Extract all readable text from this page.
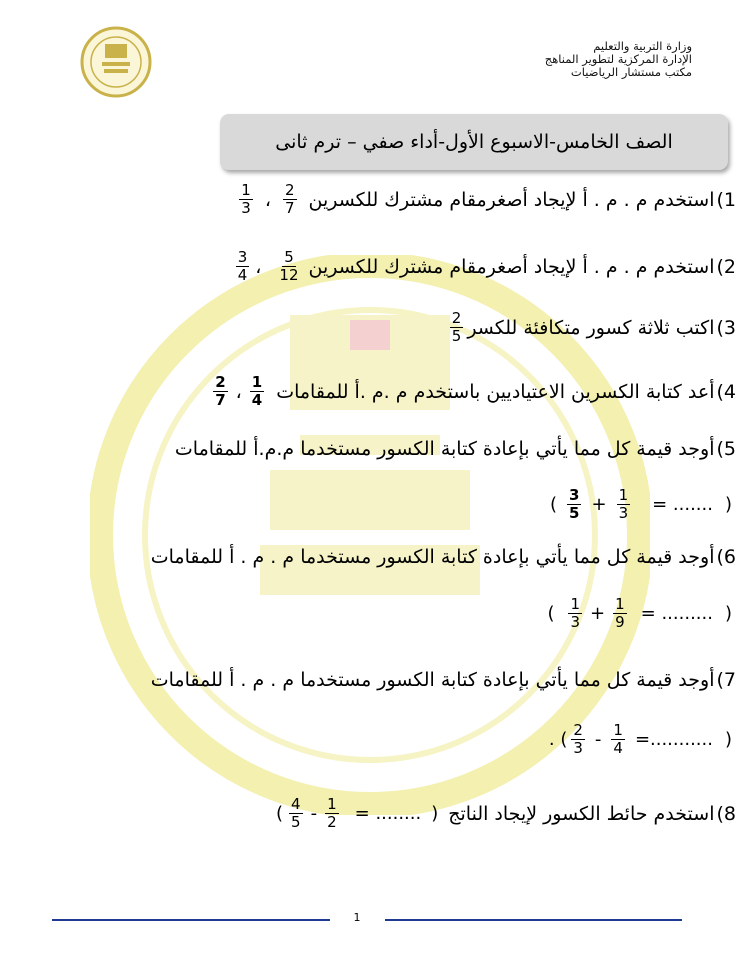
وزارة التربية والتعليم
الإدارة المركزية لتطوير المناهج
مكتب مستشار الرياضيات
الصف الخامس-الاسبوع الأول-أداء صفي – ترم ثانى
1)
استخدم م . م . أ لإيجاد أصغرمقام مشترك للكسرين
$\frac{2}{7}$
،
$\frac{1}{3}$
2)
استخدم م . م . أ لإيجاد أصغرمقام مشترك للكسرين
$\frac{5}{12}$
،
$\frac{3}{4}$
3)
اكتب ثلاثة كسور متكافئة للكسر
$\frac{2}{5}$
4)
أعد كتابة الكسرين الاعتياديين باستخدم م .م .أ للمقامات
$\frac{1}{4}$
،
$\frac{2}{7}$
5)
أوجد قيمة كل مما يأتي بإعادة كتابة الكسور مستخدما م.م.أ للمقامات
( $\frac{3}{5} + \frac{1}{3}$ = ....... )
6)
أوجد قيمة كل مما يأتي بإعادة كتابة الكسور مستخدما م . م . أ للمقامات
( $\frac{1}{3} + \frac{1}{9}$ = ......... )
7)
أوجد قيمة كل مما يأتي بإعادة كتابة الكسور مستخدما م . م . أ للمقامات
. ( $\frac{2}{3} - \frac{1}{4}$ =........... )
8)
استخدم حائط الكسور لإيجاد الناتج
( $\frac{4}{5} - \frac{1}{2}$ = ........ )
1
